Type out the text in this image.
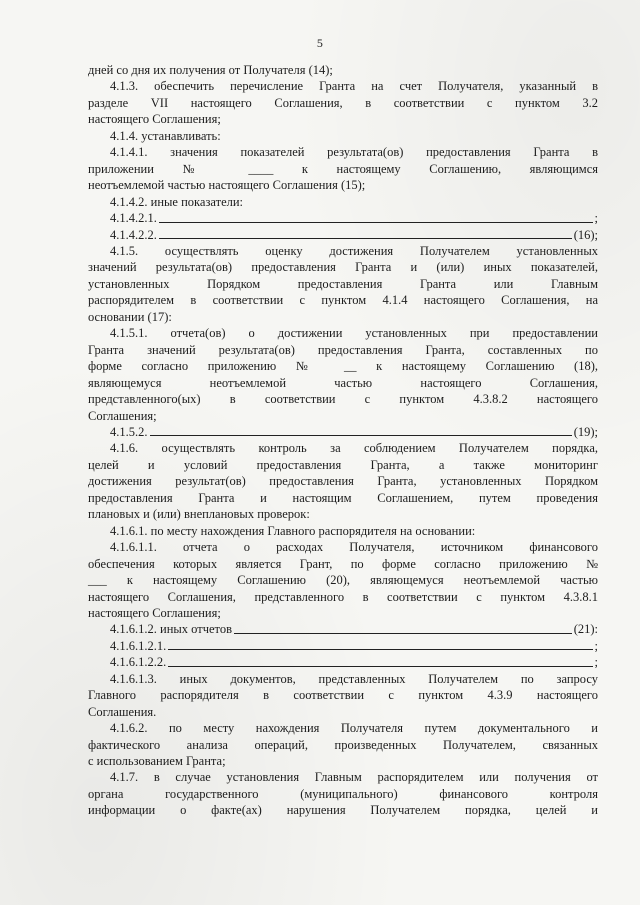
5
дней со дня их получения от Получателя (14);
4.1.3. обеспечить перечисление Гранта на счет Получателя, указанный в
разделе VII настоящего Соглашения, в соответствии с пунктом 3.2
настоящего Соглашения;
4.1.4. устанавливать:
4.1.4.1. значения показателей результата(ов) предоставления Гранта в
приложении № ____ к настоящему Соглашению, являющимся
неотъемлемой частью настоящего Соглашения (15);
4.1.4.2. иные показатели:
4.1.4.2.1.	;
4.1.4.2.2.	(16);
4.1.5. осуществлять оценку достижения Получателем установленных
значений результата(ов) предоставления Гранта и (или) иных показателей,
установленных Порядком предоставления Гранта или Главным
распорядителем в соответствии с пунктом 4.1.4 настоящего Соглашения, на
основании (17):
4.1.5.1. отчета(ов) о достижении установленных при предоставлении
Гранта значений результата(ов) предоставления Гранта, составленных по
форме согласно приложению № __ к настоящему Соглашению (18),
являющемуся неотъемлемой частью настоящего Соглашения,
представленного(ых) в соответствии с пунктом 4.3.8.2 настоящего
Соглашения;
4.1.5.2.	(19);
4.1.6. осуществлять контроль за соблюдением Получателем порядка,
целей и условий предоставления Гранта, а также мониторинг
достижения результат(ов) предоставления Гранта, установленных Порядком
предоставления Гранта и настоящим Соглашением, путем проведения
плановых и (или) внеплановых проверок:
4.1.6.1. по месту нахождения Главного распорядителя на основании:
4.1.6.1.1. отчета о расходах Получателя, источником финансового
обеспечения которых является Грант, по форме согласно приложению №
___ к настоящему Соглашению (20), являющемуся неотъемлемой частью
настоящего Соглашения, представленного в соответствии с пунктом 4.3.8.1
настоящего Соглашения;
4.1.6.1.2. иных отчетов	(21):
4.1.6.1.2.1.	;
4.1.6.1.2.2.	;
4.1.6.1.3. иных документов, представленных Получателем по запросу
Главного распорядителя в соответствии с пунктом 4.3.9 настоящего
Соглашения.
4.1.6.2. по месту нахождения Получателя путем документального и
фактического анализа операций, произведенных Получателем, связанных
с использованием Гранта;
4.1.7. в случае установления Главным распорядителем или получения от
органа государственного (муниципального) финансового контроля
информации о факте(ах) нарушения Получателем порядка, целей и
